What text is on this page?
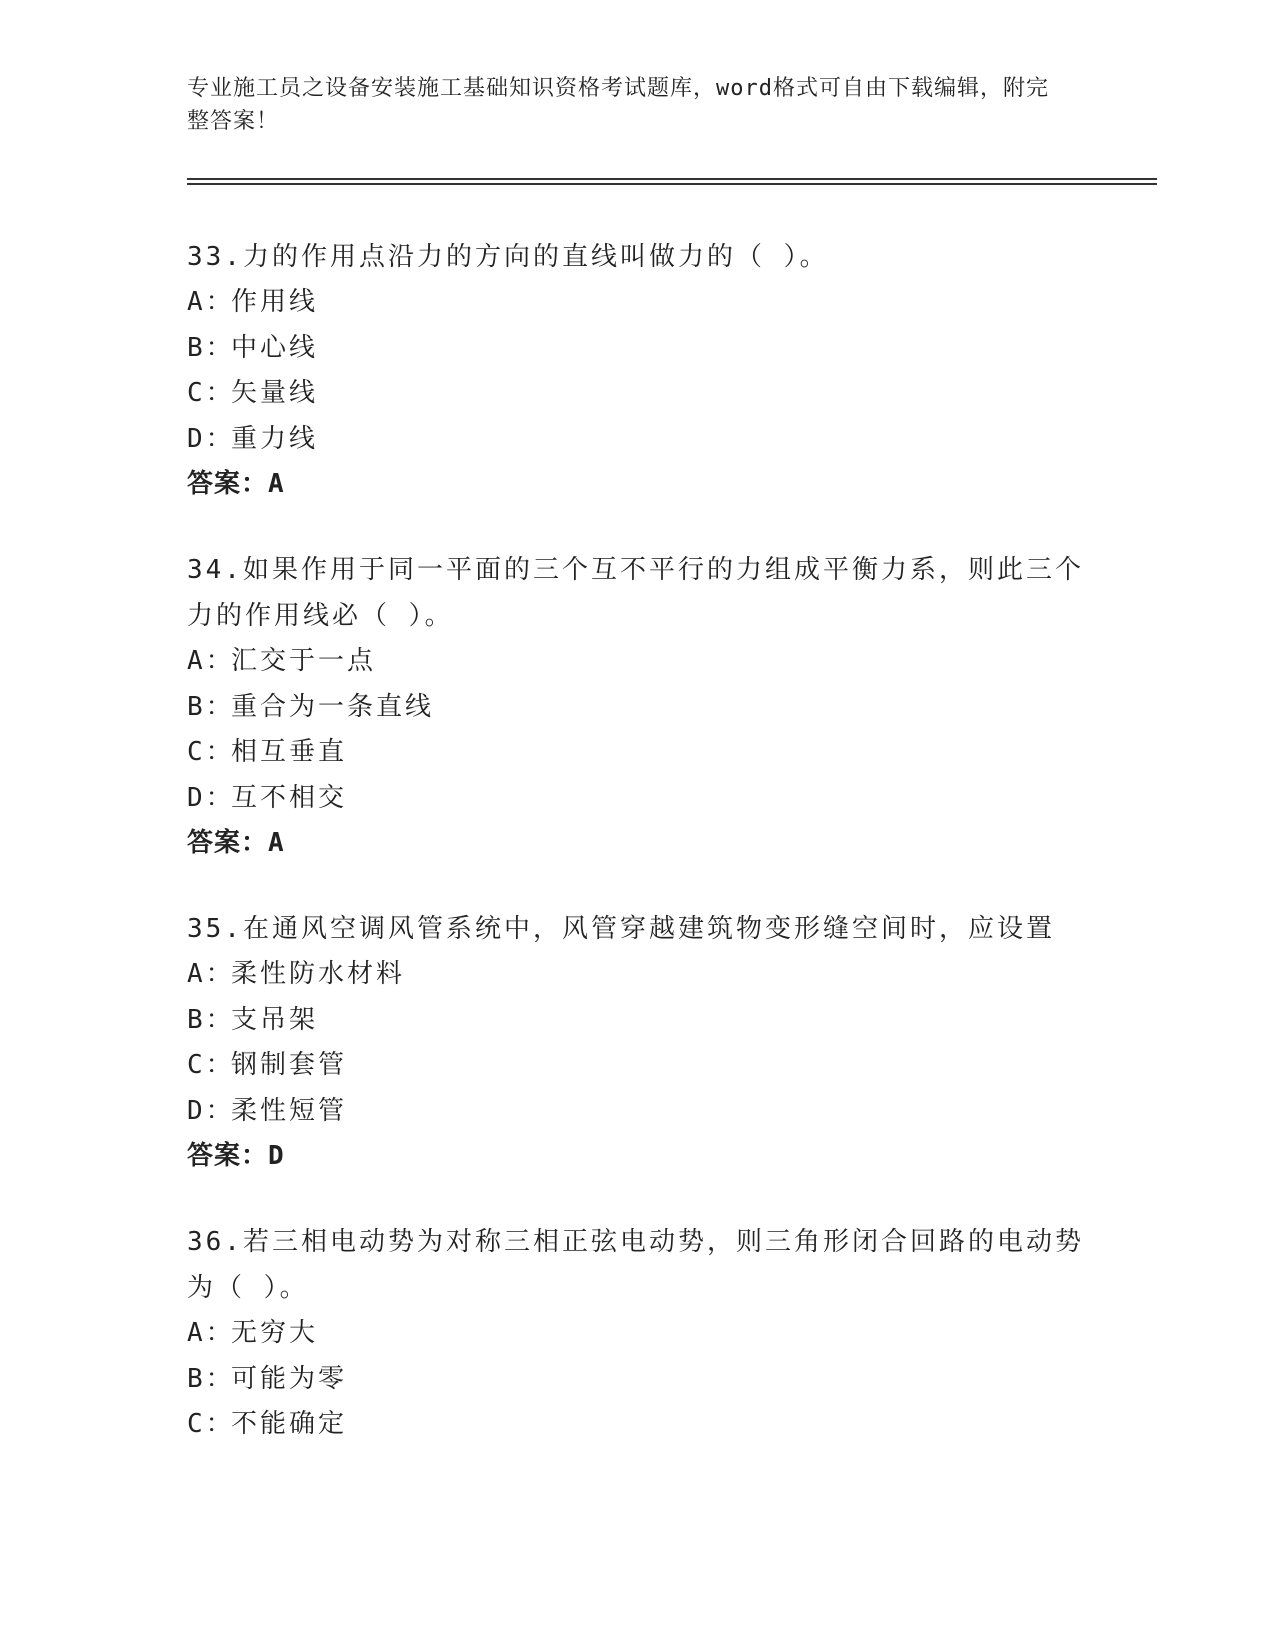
专业施工员之设备安装施工基础知识资格考试题库，word格式可自由下载编辑，附完整答案！

33.力的作用点沿力的方向的直线叫做力的（ ）。

A：作用线

B：中心线

C：矢量线

D：重力线

答案：A

34.如果作用于同一平面的三个互不平行的力组成平衡力系，则此三个力的作用线必（ ）。

A：汇交于一点

B：重合为一条直线

C：相互垂直

D：互不相交

答案：A

35.在通风空调风管系统中，风管穿越建筑物变形缝空间时，应设置

A：柔性防水材料

B：支吊架

C：钢制套管

D：柔性短管

答案：D

36.若三相电动势为对称三相正弦电动势，则三角形闭合回路的电动势为（ ）。

A：无穷大

B：可能为零

C：不能确定
